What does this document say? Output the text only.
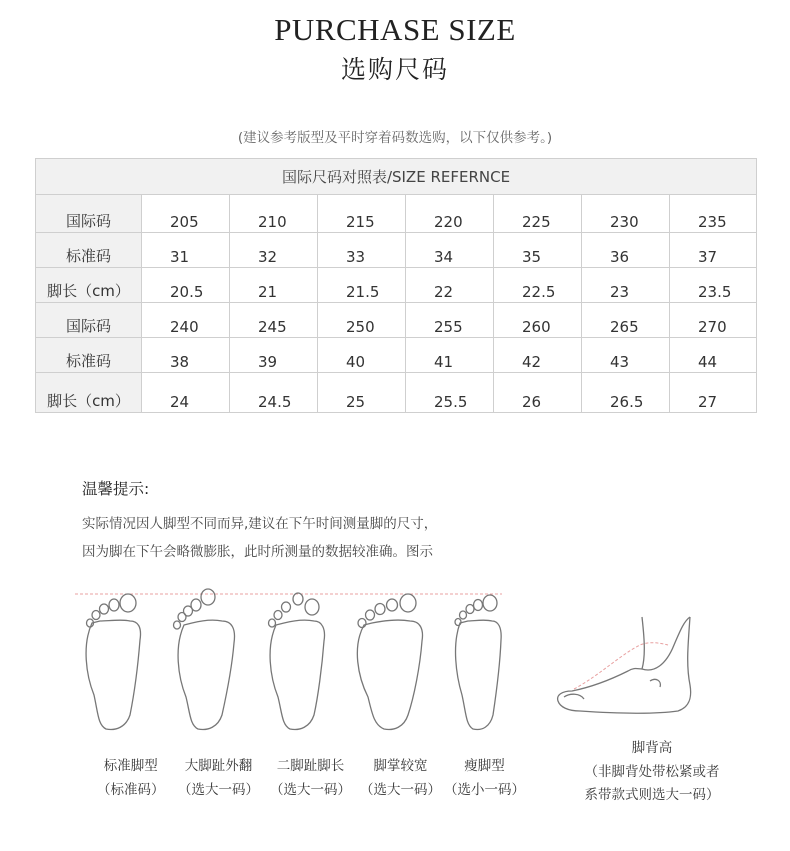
PURCHASE SIZE
选购尺码
(建议参考版型及平时穿着码数选购，以下仅供参考。)
国际尺码对照表/SIZE REFERNCE							
国际码	205	210	215	220	225	230	235
标准码	31	32	33	34	35	36	37
脚长（cm）	20.5	21	21.5	22	22.5	23	23.5
国际码	240	245	250	255	260	265	270
标准码	38	39	40	41	42	43	44
脚长（cm）	24	24.5	25	25.5	26	26.5	27
温馨提示:
实际情况因人脚型不同而异,建议在下午时间测量脚的尺寸，
因为脚在下午会略微膨胀，此时所测量的数据较准确。图示
标准脚型
（标准码）
大脚趾外翻
（选大一码）
二脚趾脚长
（选大一码）
脚掌较宽
（选大一码）
瘦脚型
（选小一码）
脚背高
（非脚背处带松紧或者
系带款式则选大一码）
